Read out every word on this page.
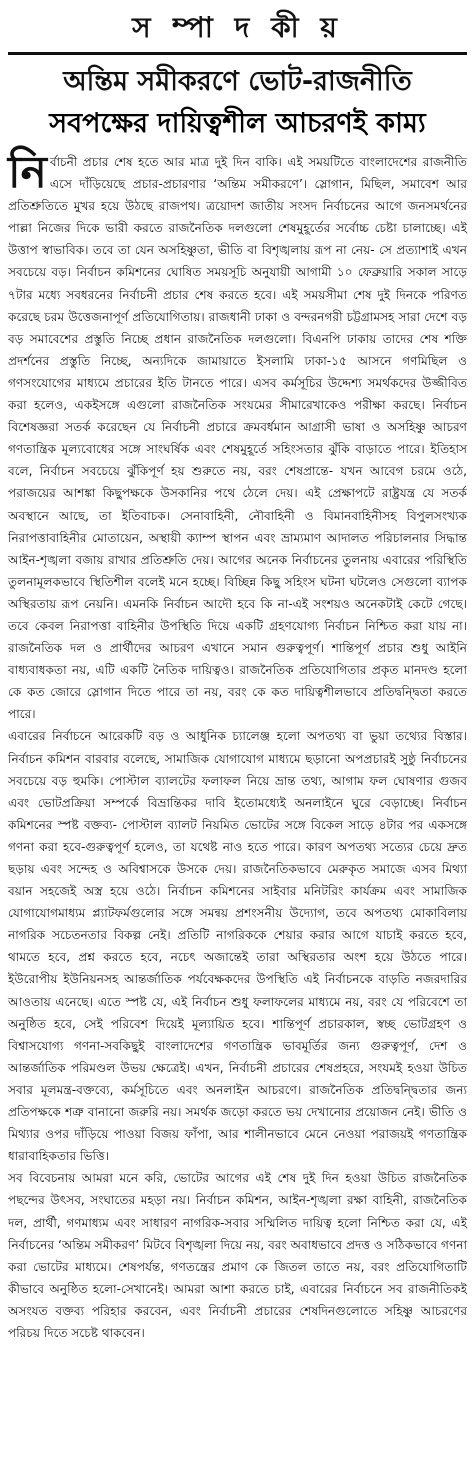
স ম্পা দ কী য়
অন্তিম সমীকরণে ভোট-রাজনীতি
সবপক্ষের দায়িত্বশীল আচরণই কাম্য

নির্বাচনী প্রচার শেষ হতে আর মাত্র দুই দিন বাকি। এই সময়টিতে বাংলাদেশের রাজনীতি এসে দাঁড়িয়েছে প্রচার-প্রচারণার ‘অন্তিম সমীকরণে’। স্লোগান, মিছিল, সমাবেশ আর প্রতিশ্রুতিতে মুখর হয়ে উঠছে রাজপথ। ত্রয়োদশ জাতীয় সংসদ নির্বাচনের আগে জনসমর্থনের পাল্লা নিজের দিকে ভারী করতে রাজনৈতিক দলগুলো শেষমুহূর্তের সর্বোচ্চ চেষ্টা চালাচ্ছে। এই উত্তাপ স্বাভাবিক। তবে তা যেন অসহিষ্ণুতা, ভীতি বা বিশৃঙ্খলায় রূপ না নেয়- সে প্রত্যাশাই এখন সবচেয়ে বড়। নির্বাচন কমিশনের ঘোষিত সময়সূচি অনুযায়ী আগামী ১০ ফেব্রুয়ারি সকাল সাড়ে ৭টার মধ্যে সবধরনের নির্বাচনী প্রচার শেষ করতে হবে। এই সময়সীমা শেষ দুই দিনকে পরিণত করেছে চরম উত্তেজনাপূর্ণ প্রতিযোগিতায়। রাজধানী ঢাকা ও বন্দরনগরী চট্টগ্রামসহ সারা দেশে বড় বড় সমাবেশের প্রস্তুতি নিচ্ছে প্রধান রাজনৈতিক দলগুলো। বিএনপি ঢাকায় তাদের শেষ শক্তি প্রদর্শনের প্রস্তুতি নিচ্ছে, অন্যদিকে জামায়াতে ইসলামি ঢাকা-১৫ আসনে গণমিছিল ও গণসংযোগের মাধ্যমে প্রচারের ইতি টানতে পারে। এসব কর্মসূচির উদ্দেশ্য সমর্থকদের উজ্জীবিত করা হলেও, একইসঙ্গে এগুলো রাজনৈতিক সংযমের সীমারেখাকেও পরীক্ষা করছে। নির্বাচন বিশেষজ্ঞরা সতর্ক করেছেন যে নির্বাচনী প্রচারে ক্রমবর্ধমান আগ্রাসী ভাষা ও অসহিষ্ণু আচরণ গণতান্ত্রিক মূল্যবোধের সঙ্গে সাংঘর্ষিক এবং শেষমুহূর্তে সহিংসতার ঝুঁকি বাড়াতে পারে। ইতিহাস বলে, নির্বাচন সবচেয়ে ঝুঁকিপূর্ণ হয় শুরুতে নয়, বরং শেষপ্রান্তে- যখন আবেগ চরমে ওঠে, পরাজয়ের আশঙ্কা কিছুপক্ষকে উসকানির পথে ঠেলে দেয়। এই প্রেক্ষাপটে রাষ্ট্রযন্ত্র যে সতর্ক অবস্থানে আছে, তা ইতিবাচক। সেনাবাহিনী, নৌবাহিনী ও বিমানবাহিনীসহ বিপুলসংখ্যক নিরাপত্তাবাহিনীর মোতায়েন, অস্থায়ী ক্যাম্প স্থাপন এবং ভ্রাম্যমাণ আদালত পরিচালনার সিদ্ধান্ত আইন-শৃঙ্খলা বজায় রাখার প্রতিশ্রুতি দেয়। আগের অনেক নির্বাচনের তুলনায় এবারের পরিস্থিতি তুলনামূলকভাবে স্থিতিশীল বলেই মনে হচ্ছে। বিচ্ছিন্ন কিছু সহিংস ঘটনা ঘটলেও সেগুলো ব্যাপক অস্থিরতায় রূপ নেয়নি। এমনকি নির্বাচন আদৌ হবে কি না-এই সংশয়ও অনেকটাই কেটে গেছে। তবে কেবল নিরাপত্তা বাহিনীর উপস্থিতি দিয়ে একটি গ্রহণযোগ্য নির্বাচন নিশ্চিত করা যায় না। রাজনৈতিক দল ও প্রার্থীদের আচরণ এখানে সমান গুরুত্বপূর্ণ। শান্তিপূর্ণ প্রচার শুধু আইনি বাধ্যবাধকতা নয়, এটি একটি নৈতিক দায়িত্বও। রাজনৈতিক প্রতিযোগিতার প্রকৃত মানদণ্ড হলো কে কত জোরে স্লোগান দিতে পারে তা নয়, বরং কে কত দায়িত্বশীলভাবে প্রতিদ্বন্দ্বিতা করতে পারে।

এবারের নির্বাচনে আরেকটি বড় ও আধুনিক চ্যালেঞ্জ হলো অপতথ্য বা ভুয়া তথ্যের বিস্তার। নির্বাচন কমিশন বারবার বলেছে, সামাজিক যোগাযোগ মাধ্যমে ছড়ানো অপপ্রচারই সুষ্ঠু নির্বাচনের সবচেয়ে বড় হুমকি। পোস্টাল ব্যালটের ফলাফল নিয়ে ভ্রান্ত তথ্য, আগাম ফল ঘোষণার গুজব এবং ভোটপ্রক্রিয়া সম্পর্কে বিভ্রান্তিকর দাবি ইতোমধ্যেই অনলাইনে ঘুরে বেড়াচ্ছে। নির্বাচন কমিশনের স্পষ্ট বক্তব্য- পোস্টাল ব্যালট নিয়মিত ভোটের সঙ্গে বিকেল সাড়ে ৪টার পর একসঙ্গে গণনা করা হবে-গুরুত্বপূর্ণ হলেও, তা যথেষ্ট নাও হতে পারে। কারণ অপতথ্য সত্যের চেয়ে দ্রুত ছড়ায় এবং সন্দেহ ও অবিশ্বাসকে উসকে দেয়। রাজনৈতিকভাবে মেরুকৃত সমাজে এসব মিথ্যা বয়ান সহজেই অস্ত্র হয়ে ওঠে। নির্বাচন কমিশনের সাইবার মনিটরিং কার্যক্রম এবং সামাজিক যোগাযোগমাধ্যম প্ল্যাটফর্মগুলোর সঙ্গে সমন্বয় প্রশংসনীয় উদ্যোগ, তবে অপতথ্য মোকাবিলায় নাগরিক সচেতনতার বিকল্প নেই। প্রতিটি নাগরিককে শেয়ার করার আগে যাচাই করতে হবে, থামতে হবে, প্রশ্ন করতে হবে, নচেৎ অজান্তেই তারা অস্থিরতার অংশ হয়ে উঠতে পারে। ইউরোপীয় ইউনিয়নসহ আন্তর্জাতিক পর্যবেক্ষকদের উপস্থিতি এই নির্বাচনকে বাড়তি নজরদারির আওতায় এনেছে। এতে স্পষ্ট যে, এই নির্বাচন শুধু ফলাফলের মাধ্যমে নয়, বরং যে পরিবেশে তা অনুষ্ঠিত হবে, সেই পরিবেশ দিয়েই মূল্যায়িত হবে। শান্তিপূর্ণ প্রচারকাল, স্বচ্ছ ভোটগ্রহণ ও বিশ্বাসযোগ্য গণনা-সবকিছুই বাংলাদেশের গণতান্ত্রিক ভাবমূর্তির জন্য গুরুত্বপূর্ণ, দেশ ও আন্তর্জাতিক পরিমণ্ডল উভয় ক্ষেত্রেই। এখন, নির্বাচনী প্রচারের শেষপ্রহরে, সংযমই হওয়া উচিত সবার মূলমন্ত্র-বক্তব্যে, কর্মসূচিতে এবং অনলাইন আচরণে। রাজনৈতিক প্রতিদ্বন্দ্বিতার জন্য প্রতিপক্ষকে শত্রু বানানো জরুরি নয়। সমর্থক জড়ো করতে ভয় দেখানোর প্রয়োজন নেই। ভীতি ও মিথ্যার ওপর দাঁড়িয়ে পাওয়া বিজয় ফাঁপা, আর শালীনভাবে মেনে নেওয়া পরাজয়ই গণতান্ত্রিক ধারাবাহিকতার ভিত্তি।

সব বিবেচনায় আমরা মনে করি, ভোটের আগের এই শেষ দুই দিন হওয়া উচিত রাজনৈতিক পছন্দের উৎসব, সংঘাতের মহড়া নয়। নির্বাচন কমিশন, আইন-শৃঙ্খলা রক্ষা বাহিনী, রাজনৈতিক দল, প্রার্থী, গণমাধ্যম এবং সাধারণ নাগরিক-সবার সম্মিলিত দায়িত্ব হলো নিশ্চিত করা যে, এই নির্বাচনের ‘অন্তিম সমীকরণ’ মিটবে বিশৃঙ্খলা দিয়ে নয়, বরং অবাধভাবে প্রদত্ত ও সঠিকভাবে গণনা করা ভোটের মাধ্যমে। শেষপর্যন্ত, গণতন্ত্রের প্রমাণ কে জিতল তাতে নয়, বরং প্রতিযোগিতাটি কীভাবে অনুষ্ঠিত হলো-সেখানেই। আমরা আশা করতে চাই, এবারের নির্বাচনে সব রাজনীতিকই অসংযত বক্তব্য পরিহার করবেন, এবং নির্বাচনী প্রচারের শেষদিনগুলোতে সহিষ্ণু আচরণের পরিচয় দিতে সচেষ্ট থাকবেন।
